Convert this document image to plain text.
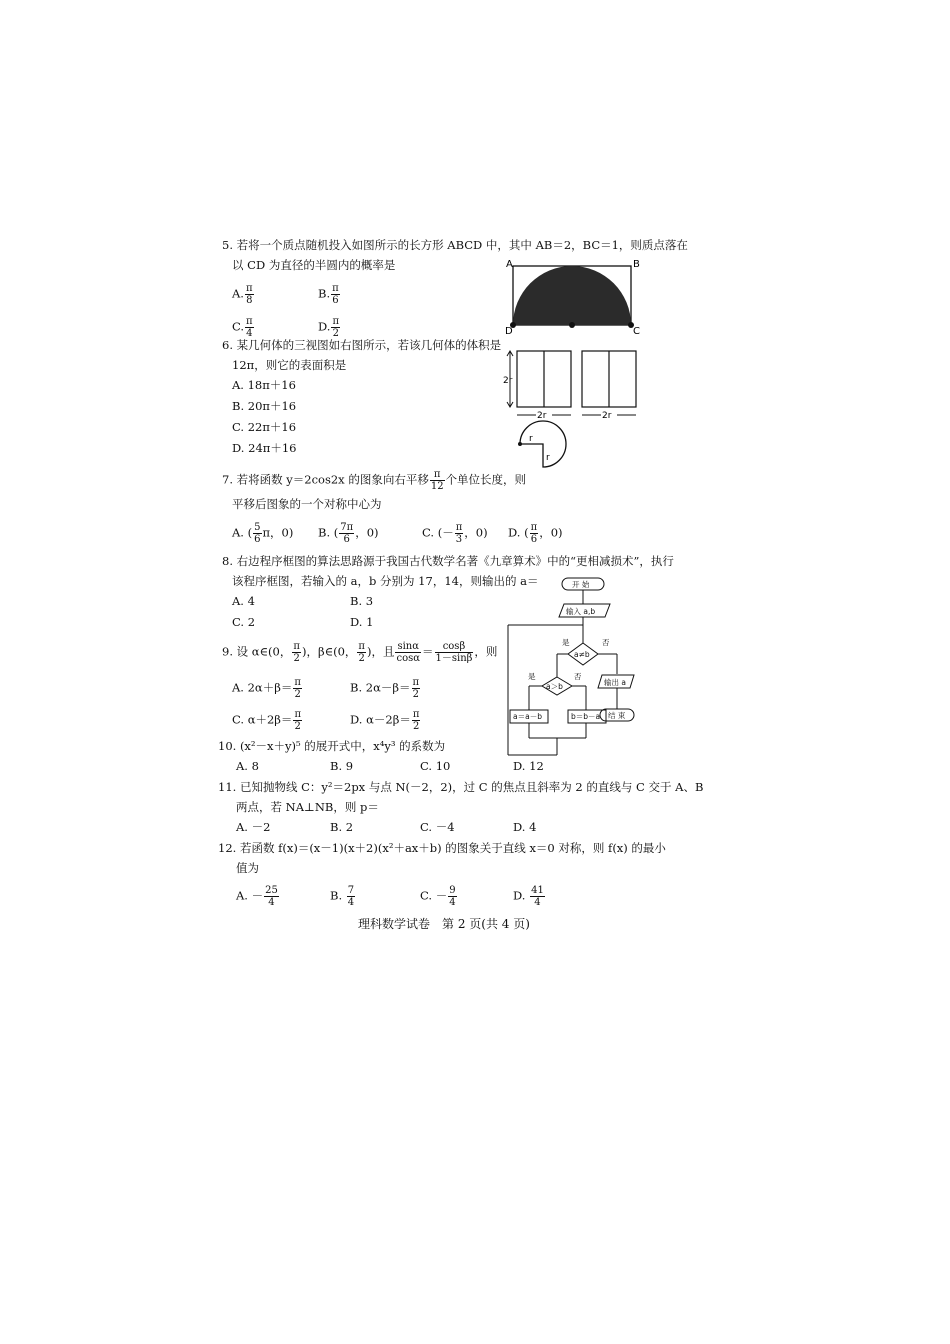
5. 若将一个质点随机投入如图所示的长方形 ABCD 中，其中 AB＝2，BC＝1，则质点落在
以 CD 为直径的半圆内的概率是
A. $\frac{\pi}{8}$	B. $\frac{\pi}{6}$
C. $\frac{\pi}{4}$	D. $\frac{\pi}{2}$
A	B
C
D
6. 某几何体的三视图如右图所示，若该几何体的体积是
12π，则它的表面积是
A. 18π＋16
B. 20π＋16
C. 22π＋16
D. 24π＋16
2r
2r	2r
r
r
7. 若将函数 y＝2cos2x 的图象向右平移 $\frac{\pi}{12}$ 个单位长度，则
平移后图象的一个对称中心为
A. ( $\frac{5}{6}$ π，0) B. ( $\frac{7\pi}{6}$ ，0)	C. (－ $\frac{\pi}{3}$ ，0) D. ( $\frac{\pi}{6}$ ，0)
8. 右边程序框图的算法思路源于我国古代数学名著《九章算术》中的“更相减损术”，执行
该程序框图，若输入的 a，b 分别为 17，14，则输出的 a＝
A. 4	B. 3
C. 2	D. 1
开 始
输入 a,b
a≠b
是	否
a＞b
是	否
a＝a－b	b＝b－a
输出 a
结 束
9. 设 α∈(0， $\frac{\pi}{2}$ )，β∈(0， $\frac{\pi}{2}$ )，且 $\frac{\sin\alpha}{\cos\alpha} = \frac{\cos\beta}{1-\sin\beta}$ ，则
A. $2\alpha+\beta= \frac{\pi}{2}$	B. $2\alpha-\beta= \frac{\pi}{2}$
C. $\alpha+2\beta= \frac{\pi}{2}$	D. $\alpha-2\beta= \frac{\pi}{2}$
10. (x²－x＋y)⁵ 的展开式中，x⁴y³ 的系数为
A. 8	B. 9	C. 10	D. 12
11. 已知抛物线 C：y²＝2px 与点 N(－2，2)，过 C 的焦点且斜率为 2 的直线与 C 交于 A、B
两点，若 NA⊥NB，则 p＝
A. －2	B. 2	C. －4	D. 4
12. 若函数 f(x)＝(x－1)(x＋2)(x²＋ax＋b) 的图象关于直线 x＝0 对称，则 f(x) 的最小
值为
A. － $\frac{25}{4}$	B. $\frac{7}{4}$	C. － $\frac{9}{4}$	D. $\frac{41}{4}$
理科数学试卷　第 2 页(共 4 页)
